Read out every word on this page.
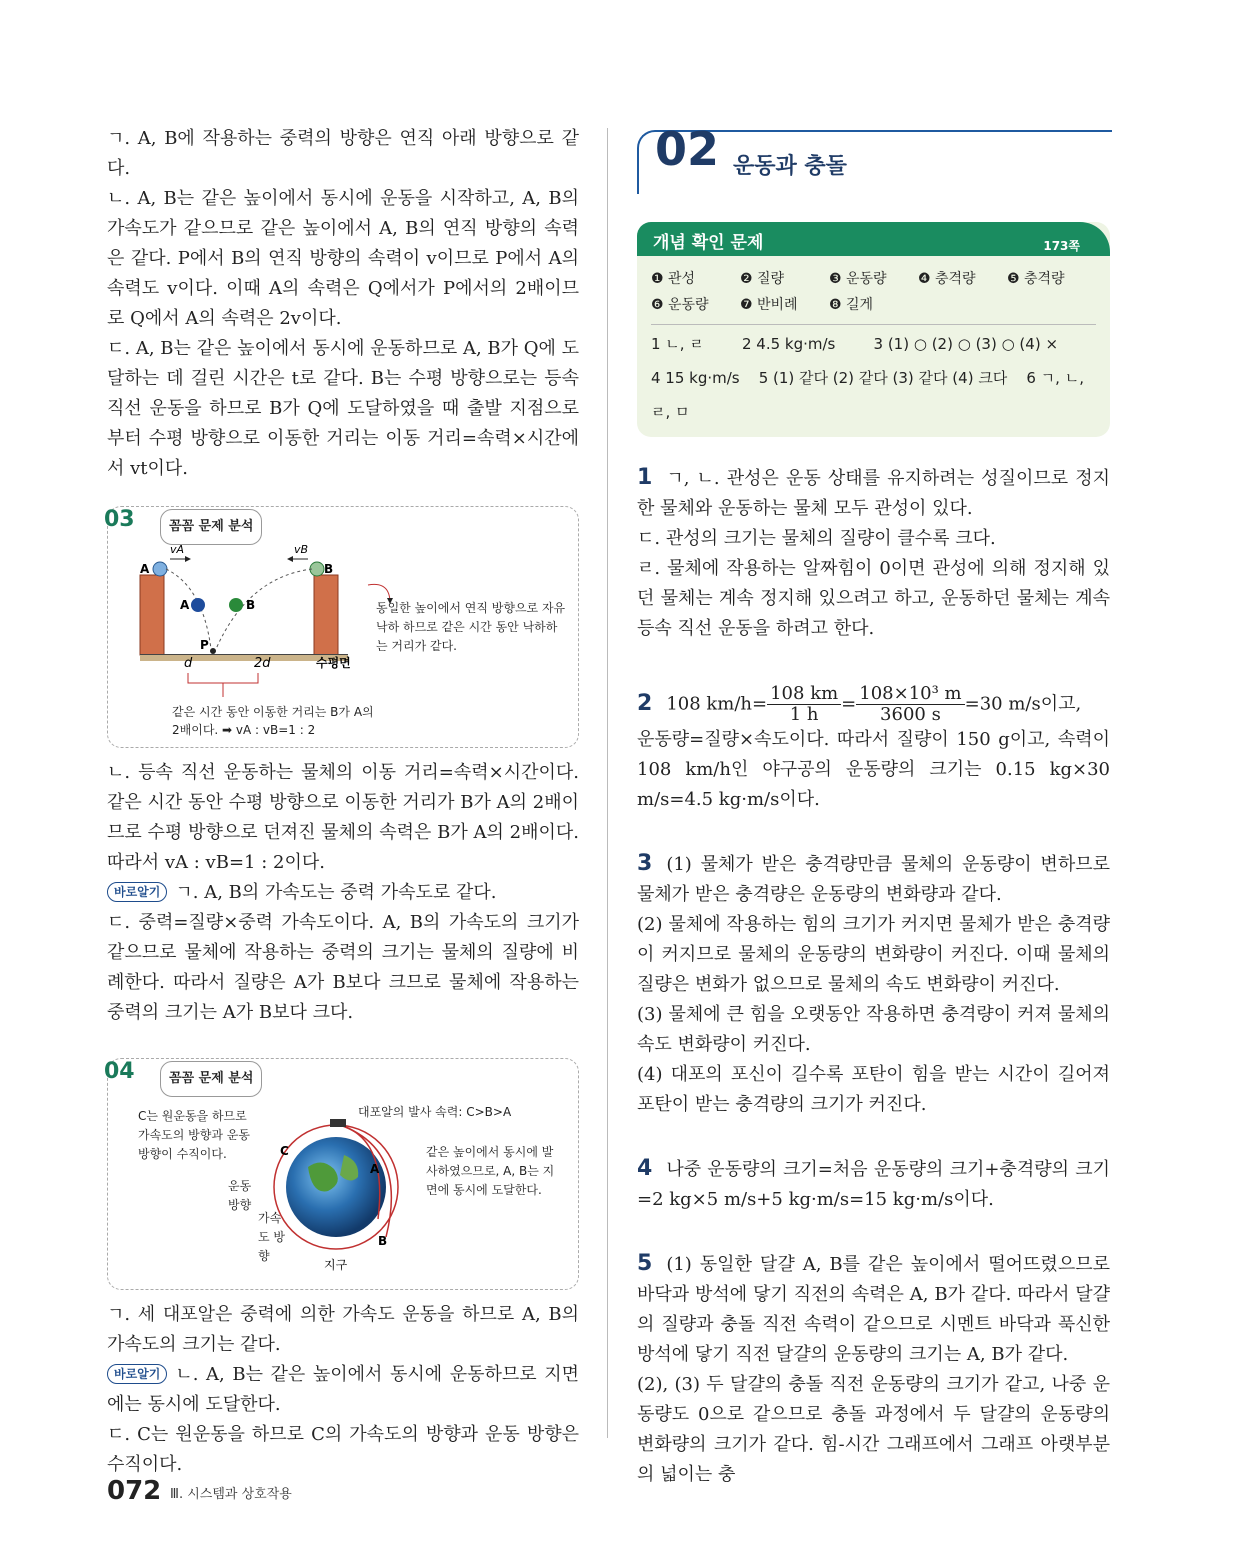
ㄱ. A, B에 작용하는 중력의 방향은 연직 아래 방향으로 같다.

ㄴ. A, B는 같은 높이에서 동시에 운동을 시작하고, A, B의 가속도가 같으므로 같은 높이에서 A, B의 연직 방향의 속력은 같다. P에서 B의 연직 방향의 속력이 v이므로 P에서 A의 속력도 v이다. 이때 A의 속력은 Q에서가 P에서의 2배이므로 Q에서 A의 속력은 2v이다.

ㄷ. A, B는 같은 높이에서 동시에 운동하므로 A, B가 Q에 도달하는 데 걸린 시간은 t로 같다. B는 수평 방향으로는 등속 직선 운동을 하므로 B가 Q에 도달하였을 때 출발 지점으로부터 수평 방향으로 이동한 거리는 이동 거리=속력×시간에서 vt이다.

03	꼼꼼 문제 분석
A	B
vA	vB
A	B
P
d	2d	수평면
동일한 높이에서 연직 방향으로 자유 낙하 하므로 같은 시간 동안 낙하하는 거리가 같다.
같은 시간 동안 이동한 거리는 B가 A의
2배이다. ➡ vA : vB=1 : 2

ㄴ. 등속 직선 운동하는 물체의 이동 거리=속력×시간이다. 같은 시간 동안 수평 방향으로 이동한 거리가 B가 A의 2배이므로 수평 방향으로 던져진 물체의 속력은 B가 A의 2배이다. 따라서 vA : vB=1 : 2이다.

바로알기 ㄱ. A, B의 가속도는 중력 가속도로 같다.

ㄷ. 중력=질량×중력 가속도이다. A, B의 가속도의 크기가 같으므로 물체에 작용하는 중력의 크기는 물체의 질량에 비례한다. 따라서 질량은 A가 B보다 크므로 물체에 작용하는 중력의 크기는 A가 B보다 크다.

04	꼼꼼 문제 분석
C
A
B
지구
C는 원운동을 하므로 가속도의 방향과 운동 방향이 수직이다.
대포알의 발사 속력: C>B>A
같은 높이에서 동시에 발사하였으므로, A, B는 지면에 동시에 도달한다.
운동 방향
가속도 방향

ㄱ. 세 대포알은 중력에 의한 가속도 운동을 하므로 A, B의 가속도의 크기는 같다.

바로알기 ㄴ. A, B는 같은 높이에서 동시에 운동하므로 지면에는 동시에 도달한다.

ㄷ. C는 원운동을 하므로 C의 가속도의 방향과 운동 방향은 수직이다.

02 운동과 충돌
개념 확인 문제	173쪽
❶ 관성	❷ 질량	❸ 운동량	❹ 충격량	❺ 충격량
❻ 운동량	❼ 반비례	❽ 길게
1 ㄴ, ㄹ        2 4.5 kg·m/s        3 (1) ○ (2) ○ (3) ○ (4) ×
4 15 kg·m/s    5 (1) 같다 (2) 같다 (3) 같다 (4) 크다    6 ㄱ, ㄴ,
ㄹ, ㅁ

1 ㄱ, ㄴ. 관성은 운동 상태를 유지하려는 성질이므로 정지한 물체와 운동하는 물체 모두 관성이 있다.

ㄷ. 관성의 크기는 물체의 질량이 클수록 크다.

ㄹ. 물체에 작용하는 알짜힘이 0이면 관성에 의해 정지해 있던 물체는 계속 정지해 있으려고 하고, 운동하던 물체는 계속 등속 직선 운동을 하려고 한다.

2 108 $km/h= \frac{108 km}{1 h} = \frac{\text{108×10³ m}}{3600 s} =30$ m/s이고,

운동량=질량×속도이다. 따라서 질량이 150 g이고, 속력이 108 km/h인 야구공의 운동량의 크기는 0.15 kg×30 m/s=4.5 kg·m/s이다.

3 (1) 물체가 받은 충격량만큼 물체의 운동량이 변하므로 물체가 받은 충격량은 운동량의 변화량과 같다.

(2) 물체에 작용하는 힘의 크기가 커지면 물체가 받은 충격량이 커지므로 물체의 운동량의 변화량이 커진다. 이때 물체의 질량은 변화가 없으므로 물체의 속도 변화량이 커진다.

(3) 물체에 큰 힘을 오랫동안 작용하면 충격량이 커져 물체의 속도 변화량이 커진다.

(4) 대포의 포신이 길수록 포탄이 힘을 받는 시간이 길어져 포탄이 받는 충격량의 크기가 커진다.

4 나중 운동량의 크기=처음 운동량의 크기+충격량의 크기 =2 kg×5 m/s+5 kg·m/s=15 kg·m/s이다.

5 (1) 동일한 달걀 A, B를 같은 높이에서 떨어뜨렸으므로 바닥과 방석에 닿기 직전의 속력은 A, B가 같다. 따라서 달걀의 질량과 충돌 직전 속력이 같으므로 시멘트 바닥과 푹신한 방석에 닿기 직전 달걀의 운동량의 크기는 A, B가 같다.

(2), (3) 두 달걀의 충돌 직전 운동량의 크기가 같고, 나중 운동량도 0으로 같으므로 충돌 과정에서 두 달걀의 운동량의 변화량의 크기가 같다. 힘-시간 그래프에서 그래프 아랫부분의 넓이는 충

072 Ⅲ. 시스템과 상호작용
